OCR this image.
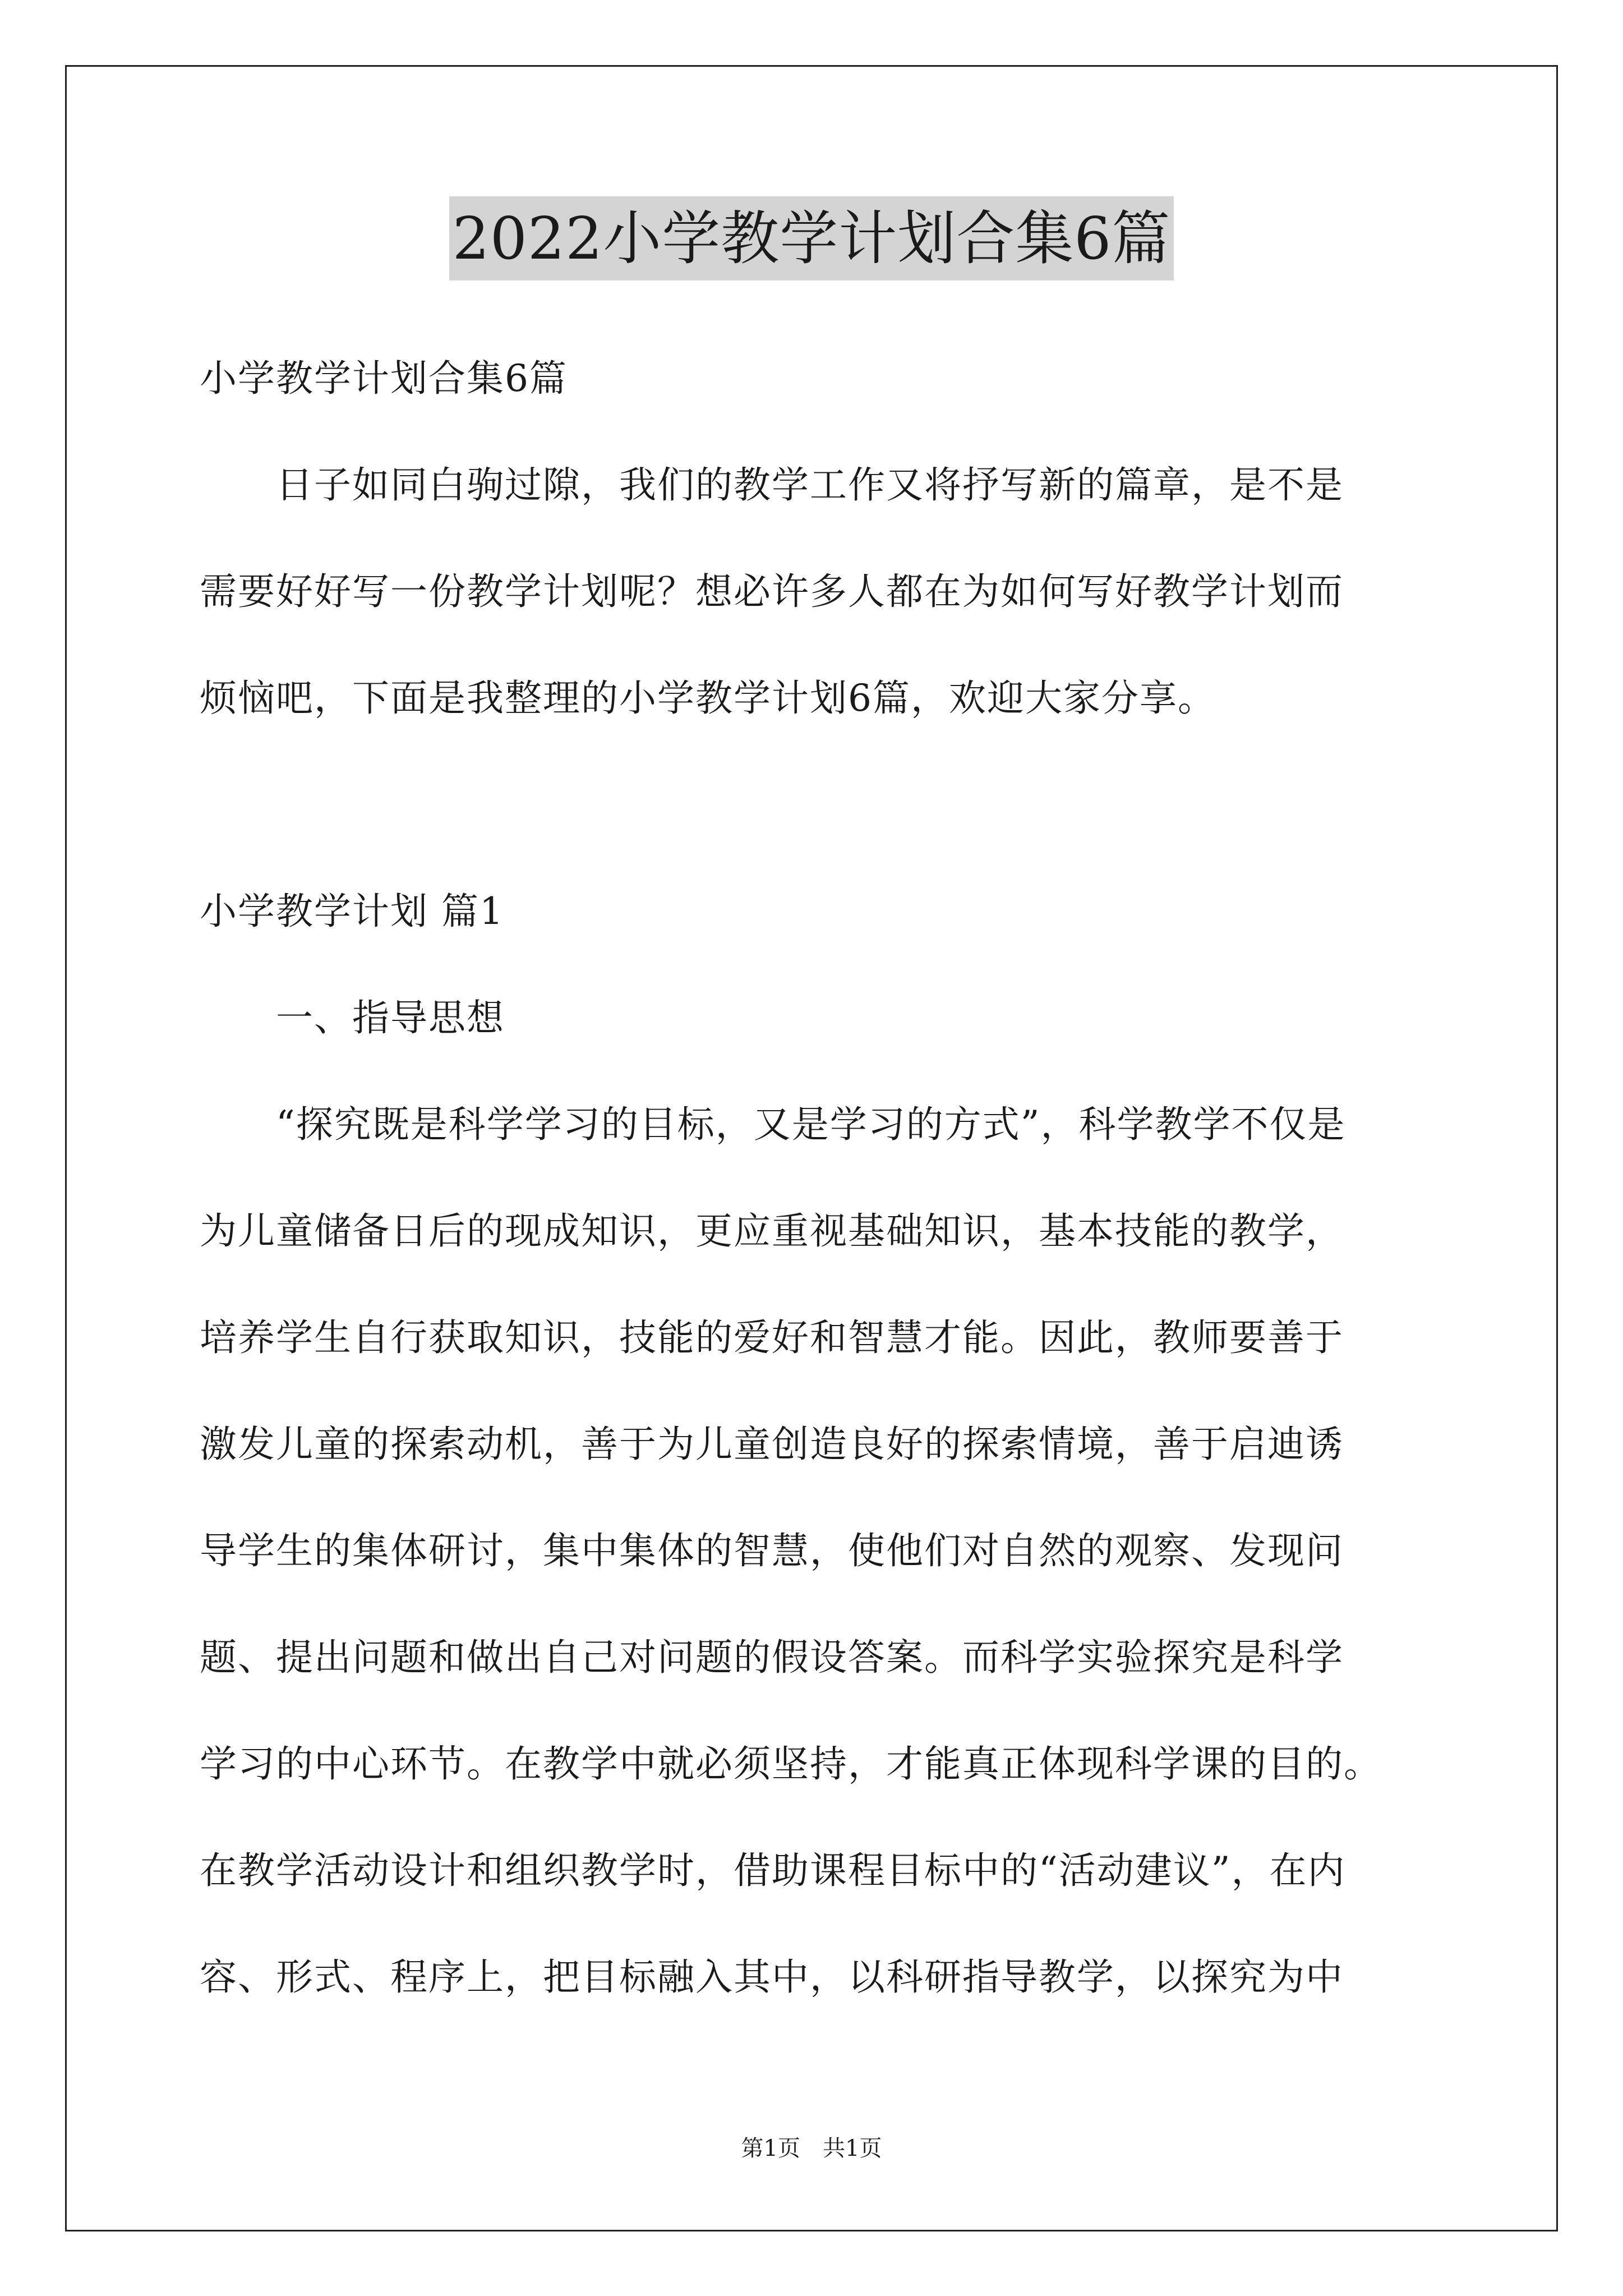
2022小学教学计划合集6篇
小学教学计划合集6篇
　　日子如同白驹过隙，我们的教学工作又将抒写新的篇章，是不是
需要好好写一份教学计划呢？想必许多人都在为如何写好教学计划而
烦恼吧，下面是我整理的小学教学计划6篇，欢迎大家分享。
小学教学计划 篇1
　　一、指导思想
　　“探究既是科学学习的目标，又是学习的方式”，科学教学不仅是
为儿童储备日后的现成知识，更应重视基础知识，基本技能的教学，
培养学生自行获取知识，技能的爱好和智慧才能。因此，教师要善于
激发儿童的探索动机，善于为儿童创造良好的探索情境，善于启迪诱
导学生的集体研讨，集中集体的智慧，使他们对自然的观察、发现问
题、提出问题和做出自己对问题的假设答案。而科学实验探究是科学
学习的中心环节。在教学中就必须坚持，才能真正体现科学课的目的。
在教学活动设计和组织教学时，借助课程目标中的“活动建议”，在内
容、形式、程序上，把目标融入其中，以科研指导教学，以探究为中
第1页　共1页
